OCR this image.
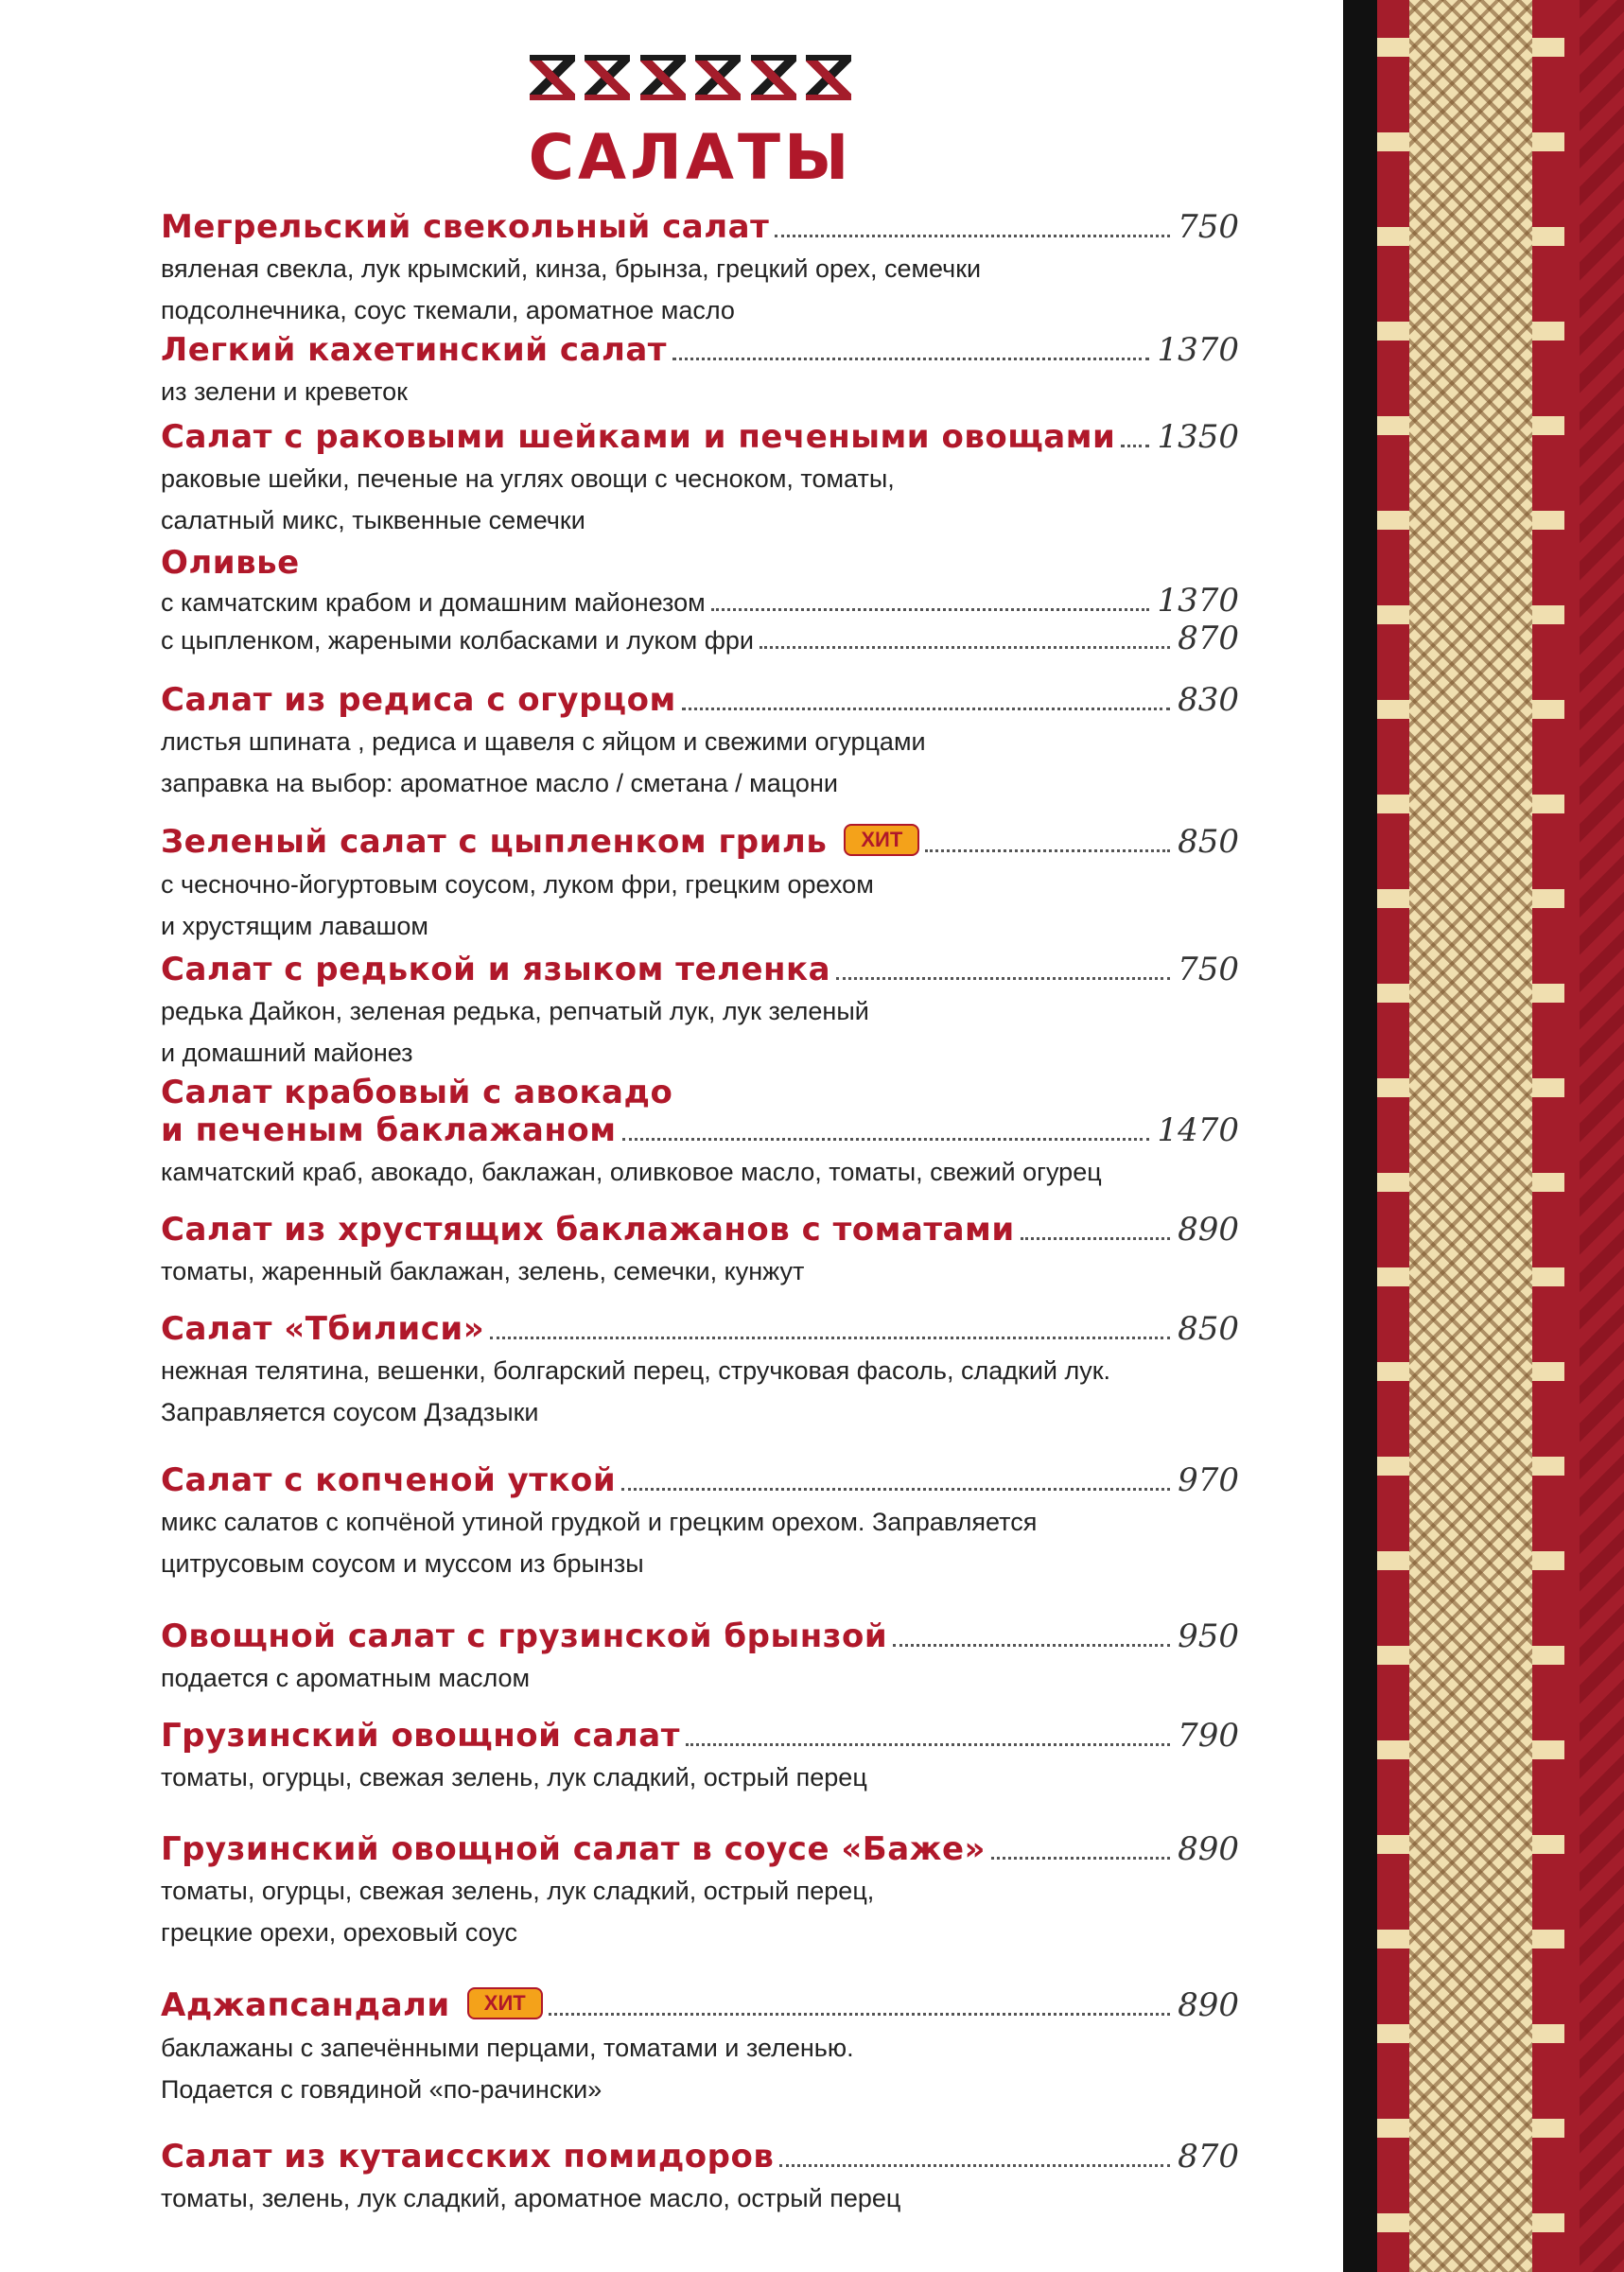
САЛАТЫ
Мегрельский свекольный салат	750
вяленая свекла, лук крымский, кинза, брынза, грецкий орех, семечки
подсолнечника, соус ткемали, ароматное масло
Легкий кахетинский салат	1370
из зелени и креветок
Салат с раковыми шейками и печеными овощами 1350
раковые шейки, печеные на углях овощи с чесноком, томаты,
салатный микс, тыквенные семечки
Оливье
с камчатским крабом и домашним майонезом	1370
с цыпленком, жареными колбасками и луком фри	870
Салат из редиса с огурцом	830
листья шпината , редиса и щавеля с яйцом и свежими огурцами
заправка на выбор: ароматное масло / сметана / мацони
Зеленый салат с цыпленком гриль	ХИТ	850
с чесночно-йогуртовым соусом, луком фри, грецким орехом
и хрустящим лавашом
Салат с редькой и языком теленка	750
редька Дайкон, зеленая редька, репчатый лук, лук зеленый
и домашний майонез
Салат крабовый с авокадо
и печеным баклажаном	1470
камчатский краб, авокадо, баклажан, оливковое масло, томаты, свежий огурец
Салат из хрустящих баклажанов с томатами	890
томаты, жаренный баклажан, зелень, семечки, кунжут
Салат «Тбилиси»	850
нежная телятина, вешенки, болгарский перец, стручковая фасоль, сладкий лук.
Заправляется соусом Дзадзыки
Салат с копченой уткой	970
микс салатов с копчёной утиной грудкой и грецким орехом. Заправляется
цитрусовым соусом и муссом из брынзы
Овощной салат с грузинской брынзой	950
подается с ароматным маслом
Грузинский овощной салат	790
томаты, огурцы, свежая зелень, лук сладкий, острый перец
Грузинский овощной салат в соусе «Баже»	890
томаты, огурцы, свежая зелень, лук сладкий, острый перец,
грецкие орехи, ореховый соус
Аджапсандали	ХИТ	890
баклажаны с запечёнными перцами, томатами и зеленью.
Подается с говядиной «по-рачински»
Салат из кутаисских помидоров	870
томаты, зелень, лук сладкий, ароматное масло, острый перец
